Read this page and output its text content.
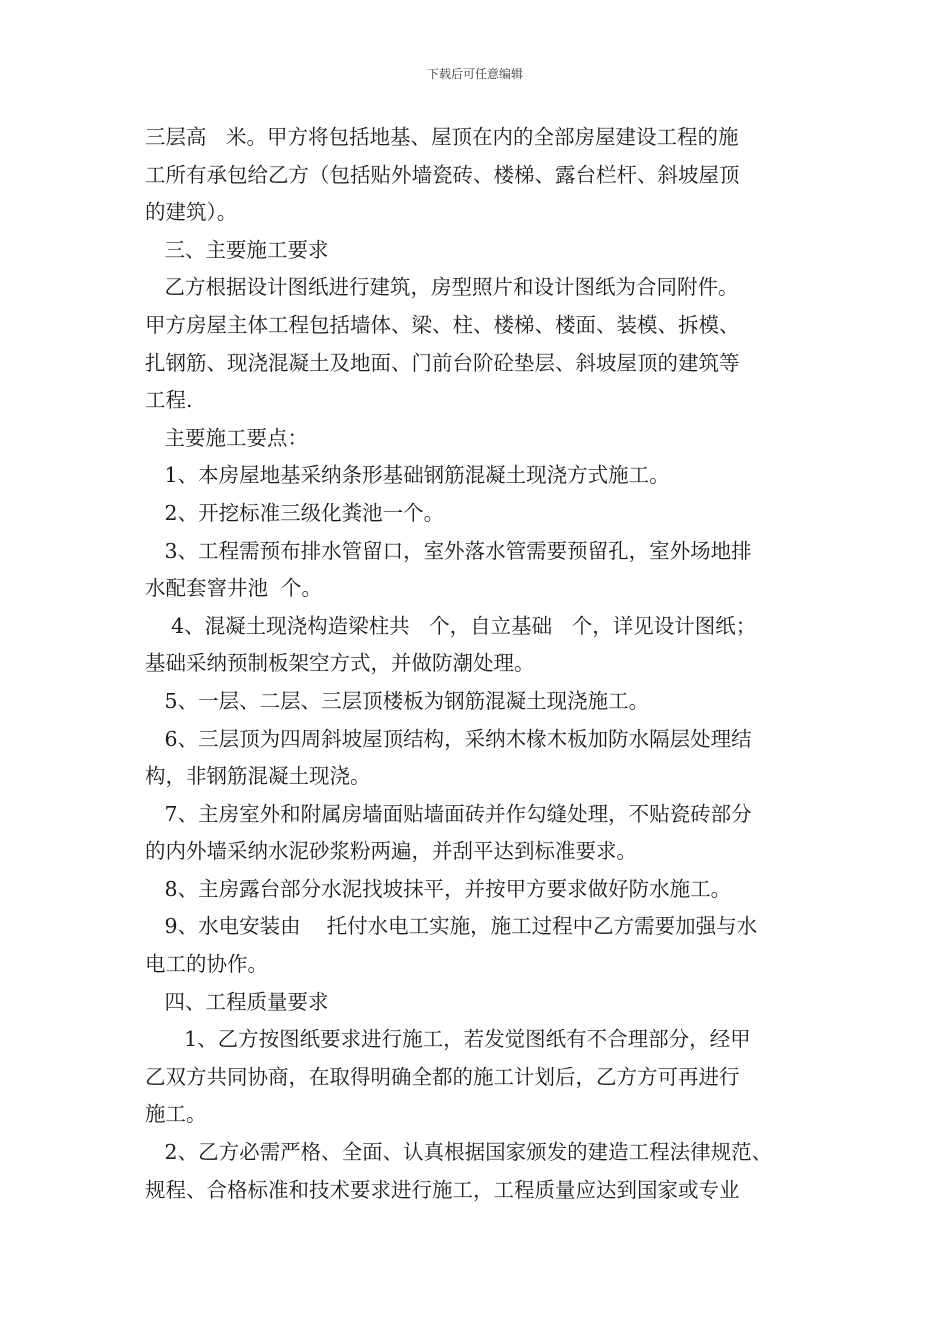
下载后可任意编辑
三层高   米。甲方将包括地基、屋顶在内的全部房屋建设工程的施
工所有承包给乙方（包括贴外墙瓷砖、楼梯、露台栏杆、斜坡屋顶
的建筑）。
三、主要施工要求
乙方根据设计图纸进行建筑，房型照片和设计图纸为合同附件。
甲方房屋主体工程包括墙体、梁、柱、楼梯、楼面、装模、拆模、
扎钢筋、现浇混凝土及地面、门前台阶砼垫层、斜坡屋顶的建筑等
工程.
主要施工要点：
1、本房屋地基采纳条形基础钢筋混凝土现浇方式施工。
2、开挖标准三级化粪池一个。
3、工程需预布排水管留口，室外落水管需要预留孔，室外场地排
水配套窨井池  个。
4、混凝土现浇构造梁柱共   个，自立基础   个，详见设计图纸；
基础采纳预制板架空方式，并做防潮处理。
5、一层、二层、三层顶楼板为钢筋混凝土现浇施工。
6、三层顶为四周斜坡屋顶结构，采纳木椽木板加防水隔层处理结
构，非钢筋混凝土现浇。
7、主房室外和附属房墙面贴墙面砖并作勾缝处理，不贴瓷砖部分
的内外墙采纳水泥砂浆粉两遍，并刮平达到标准要求。
8、主房露台部分水泥找坡抹平，并按甲方要求做好防水施工。
9、水电安装由    托付水电工实施，施工过程中乙方需要加强与水
电工的协作。
四、工程质量要求
1、乙方按图纸要求进行施工，若发觉图纸有不合理部分，经甲
乙双方共同协商，在取得明确全都的施工计划后，乙方方可再进行
施工。
2、乙方必需严格、全面、认真根据国家颁发的建造工程法律规范、
规程、合格标准和技术要求进行施工，工程质量应达到国家或专业
